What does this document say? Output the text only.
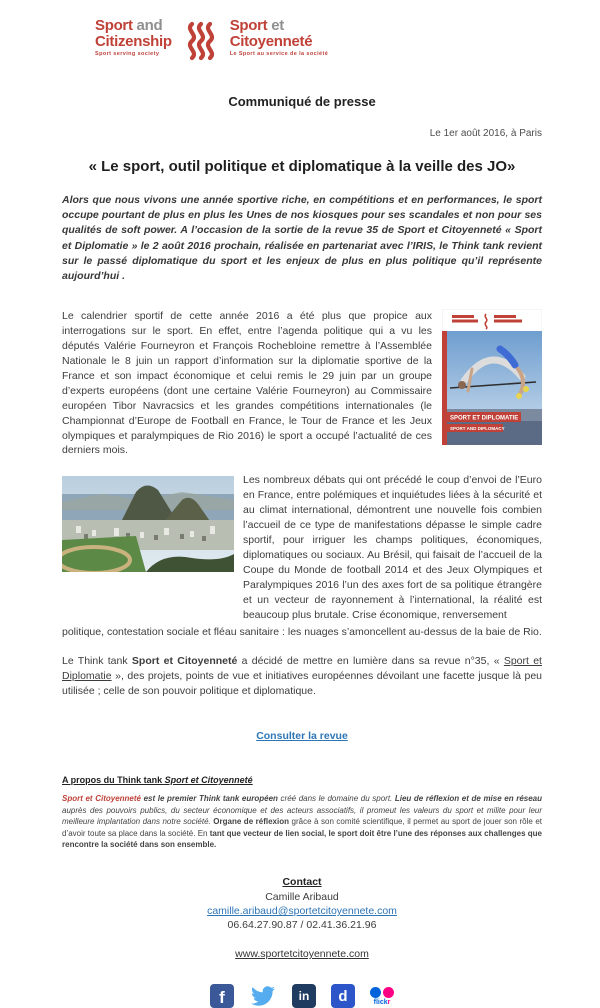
Sport and
Citizenship
Sport serving society
Sport et
Citoyenneté
Le Sport au service de la société
Communiqué de presse
Le 1er août 2016, à Paris
« Le sport, outil politique et diplomatique à la veille des JO»

Alors que nous vivons une année sportive riche, en compétitions et en performances, le sport occupe pourtant de plus en plus les Unes de nos kiosques pour ses scandales et non pour ses qualités de soft power. A l’occasion de la sortie de la revue 35 de Sport et Citoyenneté « Sport et Diplomatie » le 2 août 2016 prochain, réalisée en partenariat avec l’IRIS, le Think tank revient sur le passé diplomatique du sport et les enjeux de plus en plus politique qu’il représente aujourd’hui .

Le calendrier sportif de cette année 2016 a été plus que propice aux interrogations sur le sport. En effet, entre l’agenda politique qui a vu les députés Valérie Fourneyron et François Rochebloine remettre à l’Assemblée Nationale le 8 juin un rapport d’information sur la diplomatie sportive de la France et son impact économique et celui remis le 29 juin par un groupe d’experts européens (dont une certaine Valérie Fourneyron) au Commissaire européen Tibor Navracsics et les grandes compétitions internationales (le Championnat d’Europe de Football en France, le Tour de France et les Jeux olympiques et paralympiques de Rio 2016) le sport a occupé l’actualité de ces derniers mois.

SPORT ET DIPLOMATIE
SPORT AND DIPLOMACY

Les nombreux débats qui ont précédé le coup d’envoi de l’Euro en France, entre polémiques et inquiétudes liées à la sécurité et au climat international, démontrent une nouvelle fois combien l’accueil de ce type de manifestations dépasse le simple cadre sportif, pour irriguer les champs politiques, économiques, diplomatiques ou sociaux. Au Brésil, qui faisait de l’accueil de la Coupe du Monde de football 2014 et des Jeux Olympiques et Paralympiques 2016 l’un des axes fort de sa politique étrangère et un vecteur de rayonnement à l’international, la réalité est beaucoup plus brutale. Crise économique, renversement

politique, contestation sociale et fléau sanitaire : les nuages s’amoncellent au-dessus de la baie de Rio.

Le Think tank Sport et Citoyenneté a décidé de mettre en lumière dans sa revue n°35, « Sport et Diplomatie », des projets, points de vue et initiatives européennes dévoilant une facette jusque là peu utilisée ; celle de son pouvoir politique et diplomatique.

Consulter la revue
A propos du Think tank Sport et Citoyenneté

Sport et Citoyenneté est le premier Think tank européen créé dans le domaine du sport. Lieu de réflexion et de mise en réseau auprès des pouvoirs publics, du secteur économique et des acteurs associatifs, il promeut les valeurs du sport et milite pour leur meilleure implantation dans notre société. Organe de réflexion grâce à son comité scientifique, il permet au sport de jouer son rôle et d’avoir toute sa place dans la société. En tant que vecteur de lien social, le sport doit être l’une des réponses aux challenges que rencontre la société dans son ensemble.

Contact
Camille Aribaud
camille.aribaud@sportetcitoyennete.com
06.64.27.90.87 / 02.41.36.21.96
www.sportetcitoyennete.com
f	in	d	flickr
